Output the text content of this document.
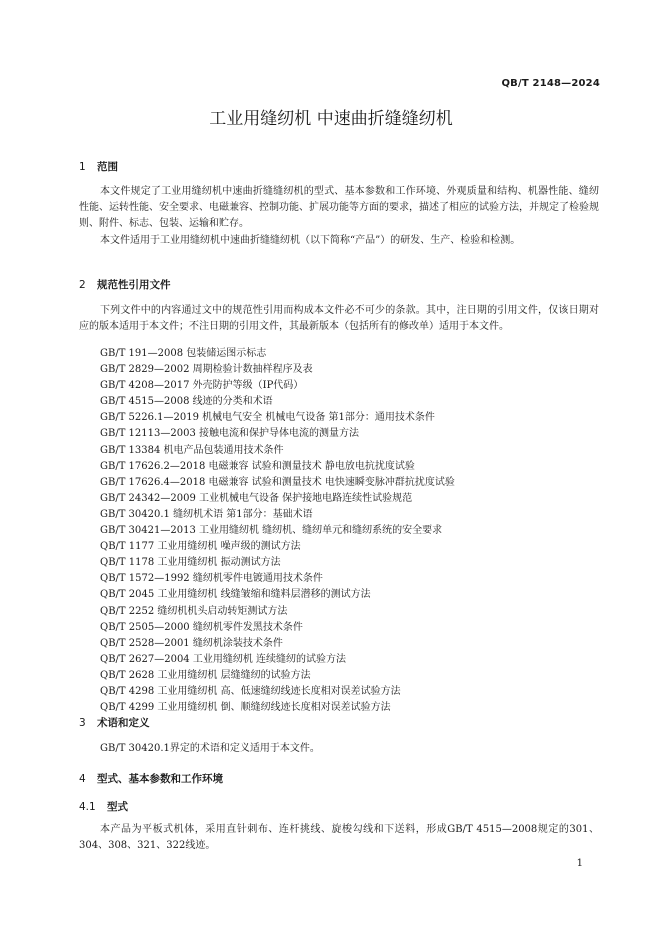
QB/T 2148—2024
工业用缝纫机 中速曲折缝缝纫机
1 范围
本文件规定了工业用缝纫机中速曲折缝缝纫机的型式、基本参数和工作环境、外观质量和结构、机器性能、缝纫性能、运转性能、安全要求、电磁兼容、控制功能、扩展功能等方面的要求，描述了相应的试验方法，并规定了检验规则、附件、标志、包装、运输和贮存。
本文件适用于工业用缝纫机中速曲折缝缝纫机（以下简称“产品”）的研发、生产、检验和检测。
2 规范性引用文件
下列文件中的内容通过文中的规范性引用而构成本文件必不可少的条款。其中，注日期的引用文件，仅该日期对应的版本适用于本文件；不注日期的引用文件，其最新版本（包括所有的修改单）适用于本文件。
GB/T 191—2008 包装储运图示标志
GB/T 2829—2002 周期检验计数抽样程序及表
GB/T 4208—2017 外壳防护等级（IP代码）
GB/T 4515—2008 线迹的分类和术语
GB/T 5226.1—2019 机械电气安全 机械电气设备 第1部分：通用技术条件
GB/T 12113—2003 接触电流和保护导体电流的测量方法
GB/T 13384 机电产品包装通用技术条件
GB/T 17626.2—2018 电磁兼容 试验和测量技术 静电放电抗扰度试验
GB/T 17626.4—2018 电磁兼容 试验和测量技术 电快速瞬变脉冲群抗扰度试验
GB/T 24342—2009 工业机械电气设备 保护接地电路连续性试验规范
GB/T 30420.1 缝纫机术语 第1部分：基础术语
GB/T 30421—2013 工业用缝纫机 缝纫机、缝纫单元和缝纫系统的安全要求
QB/T 1177 工业用缝纫机 噪声级的测试方法
QB/T 1178 工业用缝纫机 振动测试方法
QB/T 1572—1992 缝纫机零件电镀通用技术条件
QB/T 2045 工业用缝纫机 线缝皱缩和缝料层潜移的测试方法
QB/T 2252 缝纫机机头启动转矩测试方法
QB/T 2505—2000 缝纫机零件发黑技术条件
QB/T 2528—2001 缝纫机涂装技术条件
QB/T 2627—2004 工业用缝纫机 连续缝纫的试验方法
QB/T 2628 工业用缝纫机 层缝缝纫的试验方法
QB/T 4298 工业用缝纫机 高、低速缝纫线迹长度相对误差试验方法
QB/T 4299 工业用缝纫机 倒、顺缝纫线迹长度相对误差试验方法
3 术语和定义
GB/T 30420.1界定的术语和定义适用于本文件。
4 型式、基本参数和工作环境
4.1 型式
本产品为平板式机体，采用直针刺布、连杆挑线、旋梭勾线和下送料，形成GB/T 4515—2008规定的301、304、308、321、322线迹。
1
